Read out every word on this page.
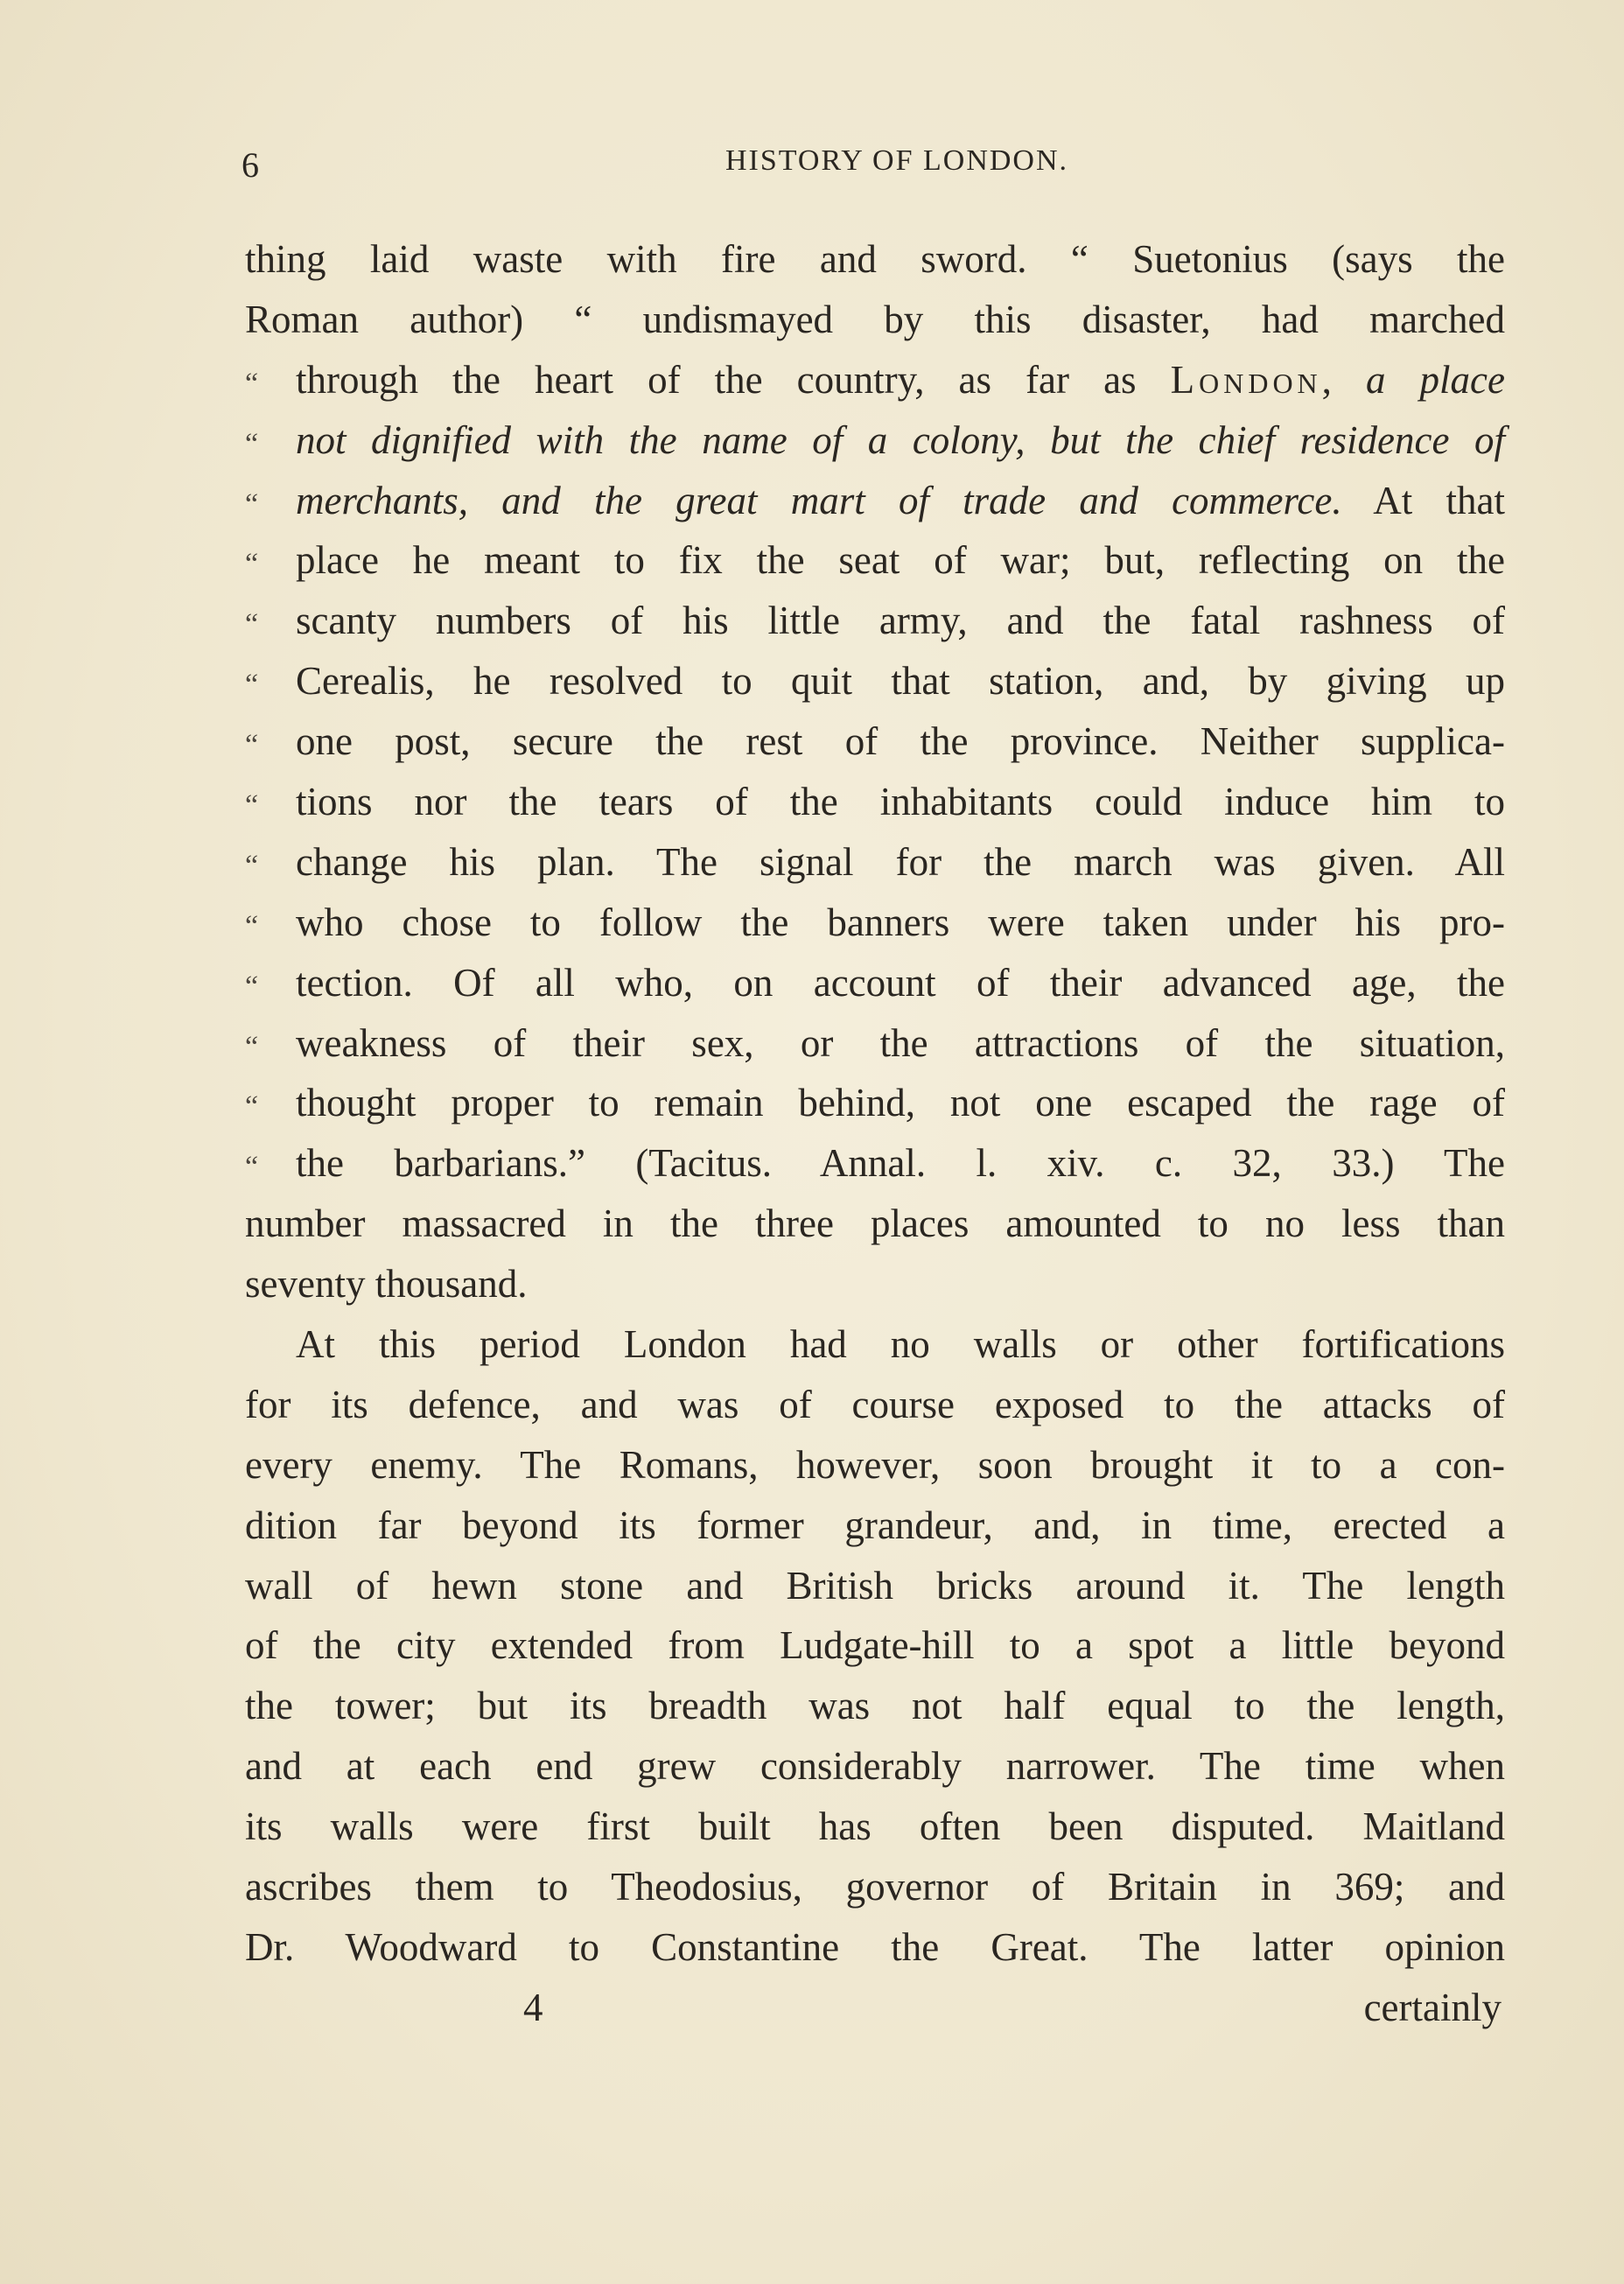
6	HISTORY OF LONDON.
thing laid waste with fire and sword. “ Suetonius (says the
Roman author) “ undismayed by this disaster, had marched
“ through the heart of the country, as far as London, a place
“ not dignified with the name of a colony, but the chief residence of
“ merchants, and the great mart of trade and commerce. At that
“ place he meant to fix the seat of war; but, reflecting on the
“ scanty numbers of his little army, and the fatal rashness of
“ Cerealis, he resolved to quit that station, and, by giving up
“ one post, secure the rest of the province. Neither supplica-
“ tions nor the tears of the inhabitants could induce him to
“ change his plan. The signal for the march was given. All
“ who chose to follow the banners were taken under his pro-
“ tection. Of all who, on account of their advanced age, the
“ weakness of their sex, or the attractions of the situation,
“ thought proper to remain behind, not one escaped the rage of
“ the barbarians.” (Tacitus. Annal. l. xiv. c. 32, 33.) The
number massacred in the three places amounted to no less than
seventy thousand.
At this period London had no walls or other fortifications
for its defence, and was of course exposed to the attacks of
every enemy. The Romans, however, soon brought it to a con-
dition far beyond its former grandeur, and, in time, erected a
wall of hewn stone and British bricks around it. The length
of the city extended from Ludgate-hill to a spot a little beyond
the tower; but its breadth was not half equal to the length,
and at each end grew considerably narrower. The time when
its walls were first built has often been disputed. Maitland
ascribes them to Theodosius, governor of Britain in 369; and
Dr. Woodward to Constantine the Great. The latter opinion
4	certainly
